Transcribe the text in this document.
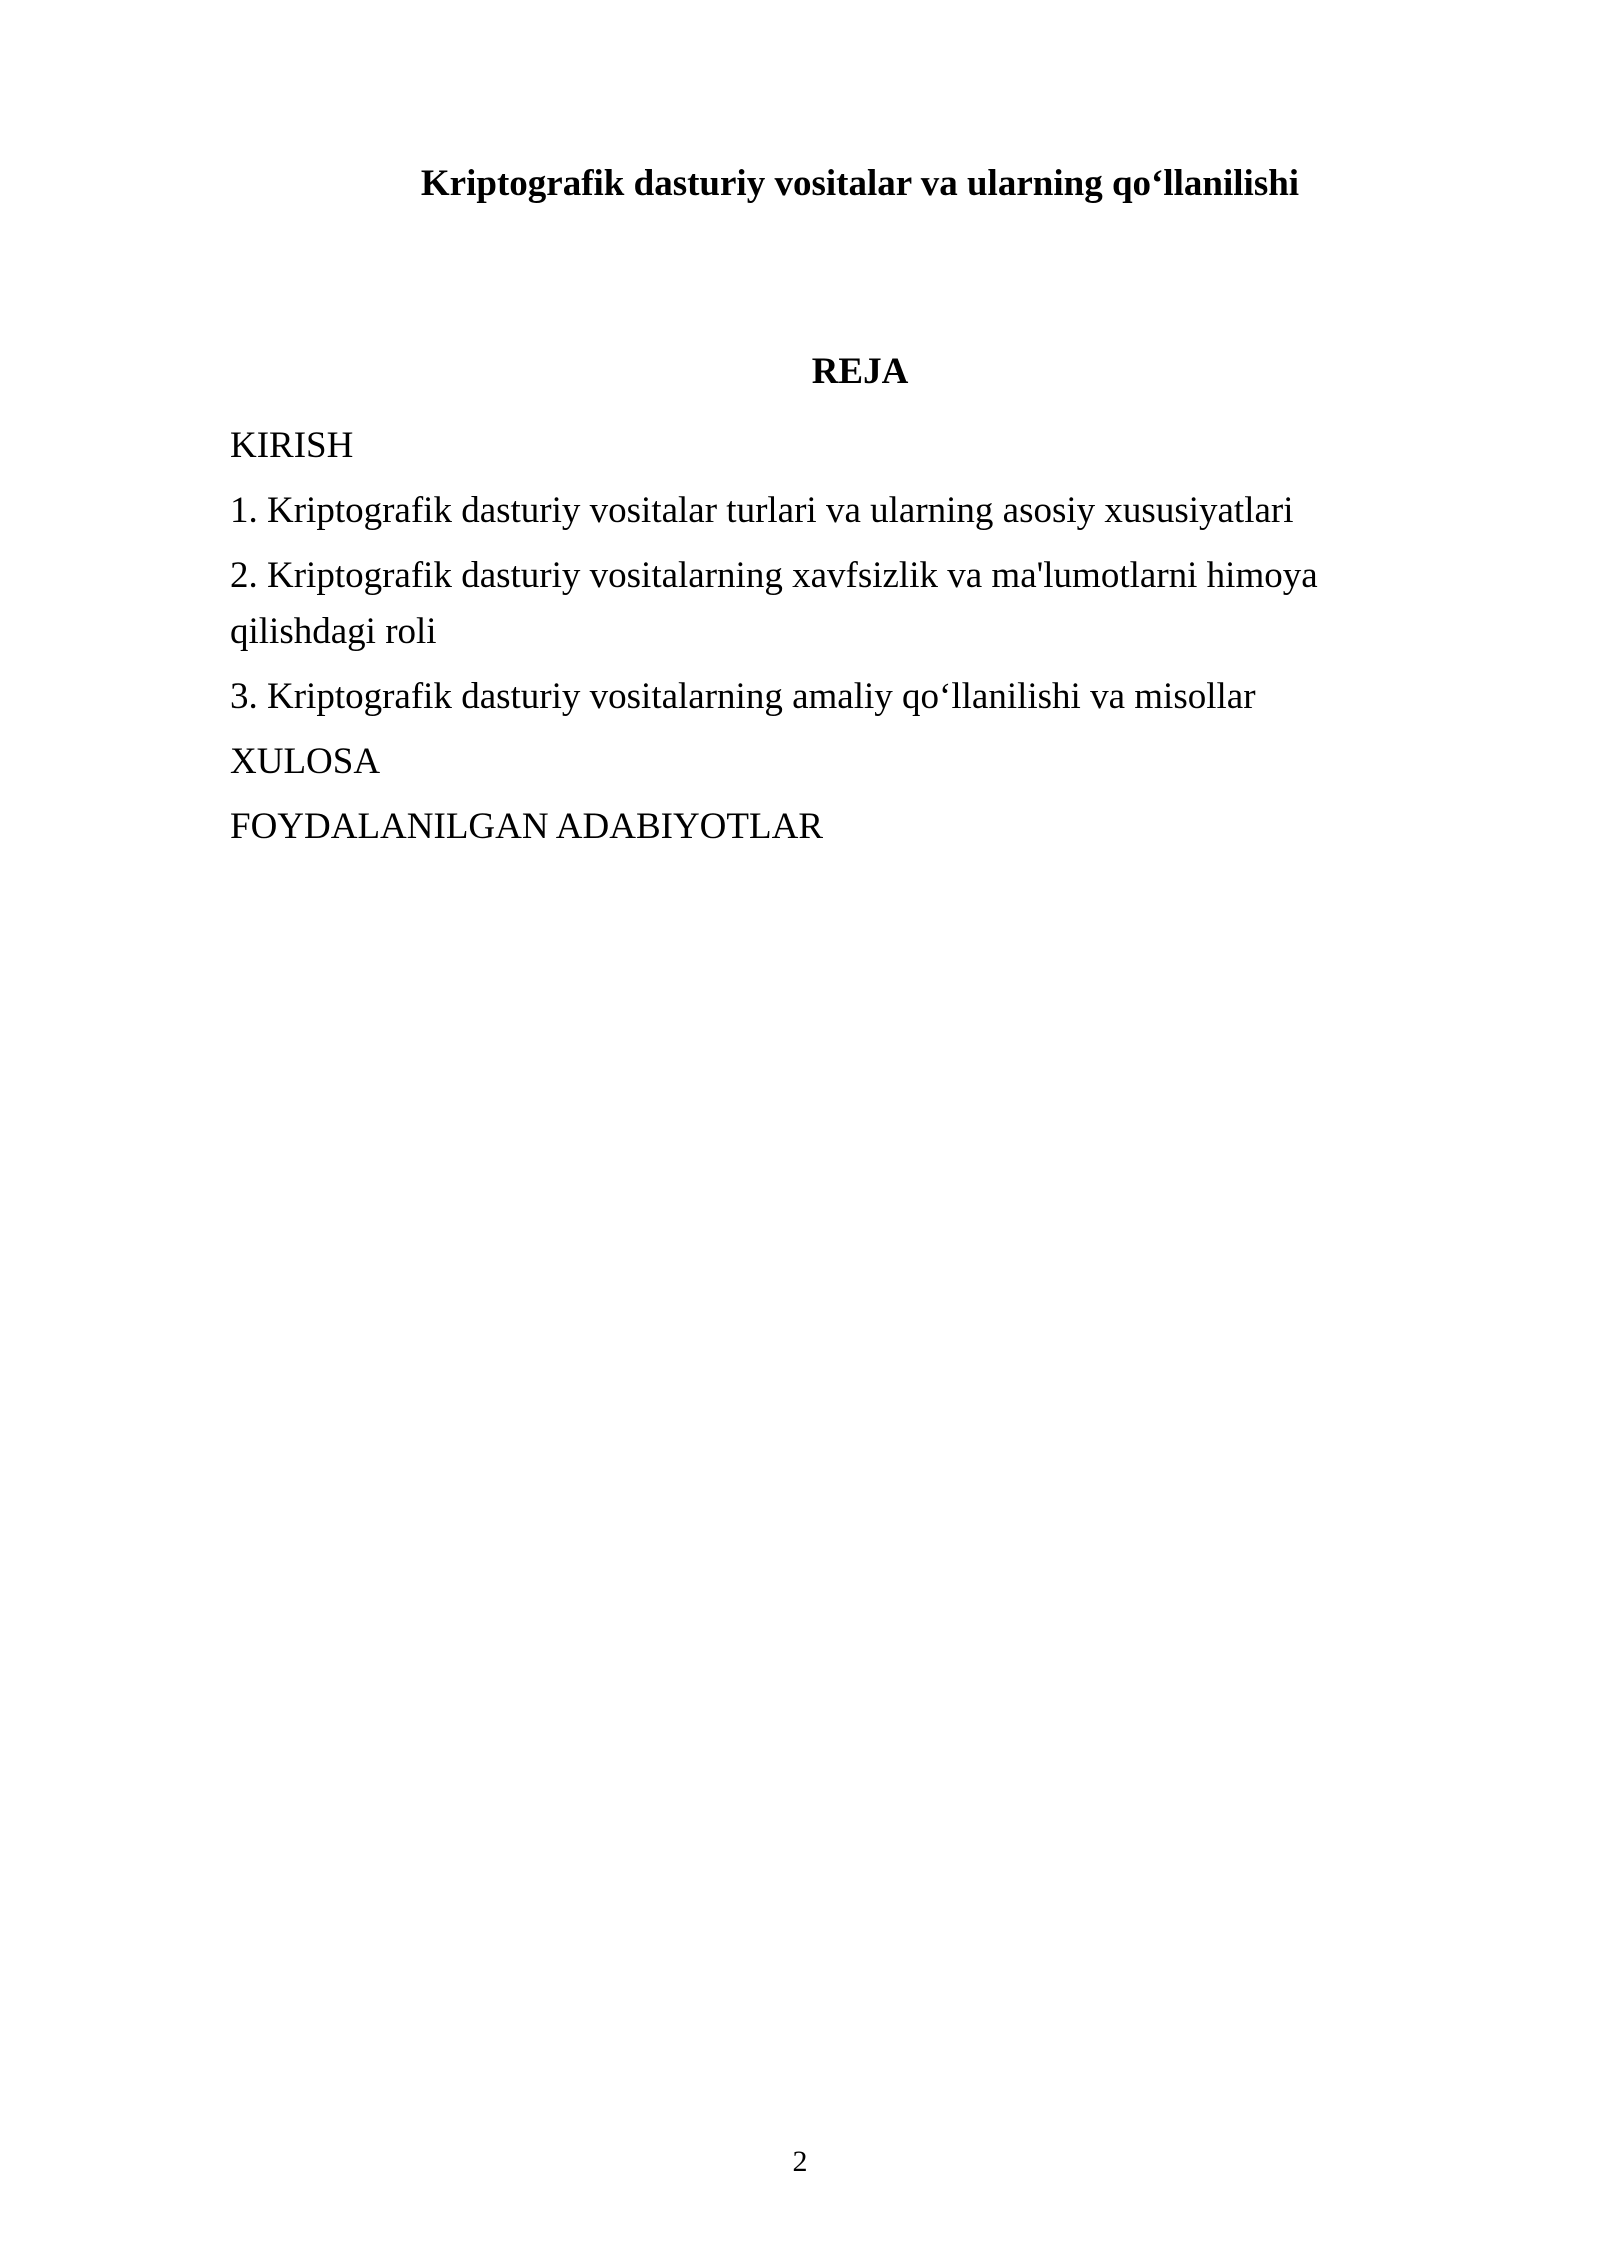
Kriptografik dasturiy vositalar va ularning qo‘llanilishi
REJA
KIRISH
1. Kriptografik dasturiy vositalar turlari va ularning asosiy xususiyatlari
2. Kriptografik dasturiy vositalarning xavfsizlik va ma'lumotlarni himoya qilishdagi roli
3. Kriptografik dasturiy vositalarning amaliy qo‘llanilishi va misollar
XULOSA
FOYDALANILGAN ADABIYOTLAR

2
